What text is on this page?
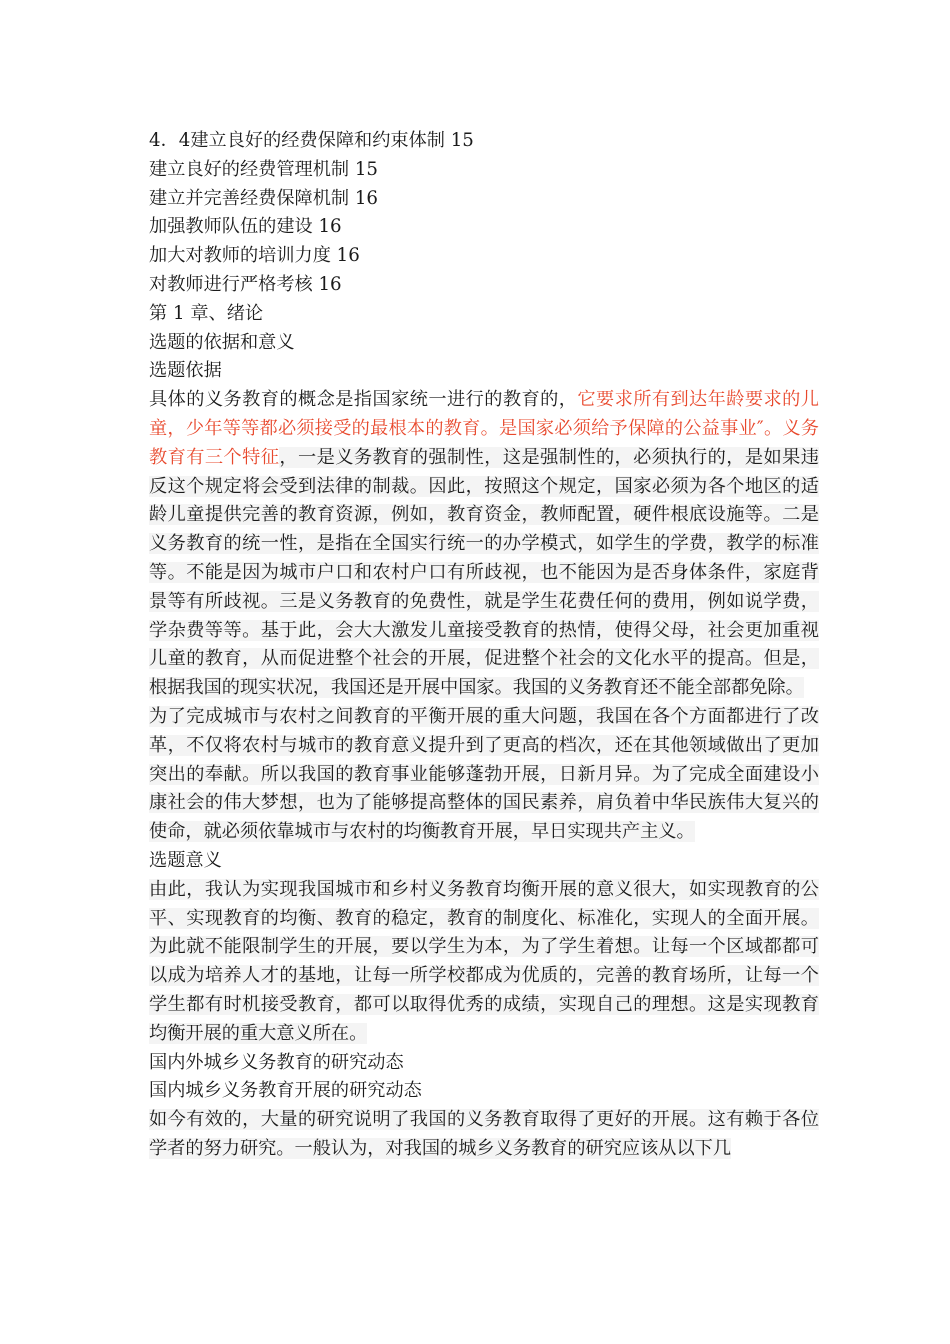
4．4建立良好的经费保障和约束体制 15
建立良好的经费管理机制 15
建立并完善经费保障机制 16
加强教师队伍的建设 16
加大对教师的培训力度 16
对教师进行严格考核 16
第 1 章、绪论
选题的依据和意义
选题依据

具体的义务教育的概念是指国家统一进行的教育的，它要求所有到达年龄要求的儿童，少年等等都必须接受的最根本的教育。是国家必须给予保障的公益事业″。义务教育有三个特征，一是义务教育的强制性，这是强制性的，必须执行的，是如果违反这个规定将会受到法律的制裁。因此，按照这个规定，国家必须为各个地区的适龄儿童提供完善的教育资源，例如，教育资金，教师配置，硬件根底设施等。二是义务教育的统一性，是指在全国实行统一的办学模式，如学生的学费，教学的标准等。不能是因为城市户口和农村户口有所歧视，也不能因为是否身体条件，家庭背景等有所歧视。三是义务教育的免费性，就是学生花费任何的费用，例如说学费，学杂费等等。基于此，会大大激发儿童接受教育的热情，使得父母，社会更加重视儿童的教育，从而促进整个社会的开展，促进整个社会的文化水平的提高。但是，根据我国的现实状况，我国还是开展中国家。我国的义务教育还不能全部都免除。

为了完成城市与农村之间教育的平衡开展的重大问题，我国在各个方面都进行了改革，不仅将农村与城市的教育意义提升到了更高的档次，还在其他领域做出了更加突出的奉献。所以我国的教育事业能够蓬勃开展，日新月异。为了完成全面建设小康社会的伟大梦想，也为了能够提高整体的国民素养，肩负着中华民族伟大复兴的使命，就必须依靠城市与农村的均衡教育开展，早日实现共产主义。

选题意义

由此，我认为实现我国城市和乡村义务教育均衡开展的意义很大，如实现教育的公平、实现教育的均衡、教育的稳定，教育的制度化、标准化，实现人的全面开展。为此就不能限制学生的开展，要以学生为本，为了学生着想。让每一个区域都都可以成为培养人才的基地，让每一所学校都成为优质的，完善的教育场所，让每一个学生都有时机接受教育，都可以取得优秀的成绩，实现自己的理想。这是实现教育均衡开展的重大意义所在。

国内外城乡义务教育的研究动态
国内城乡义务教育开展的研究动态

如今有效的，大量的研究说明了我国的义务教育取得了更好的开展。这有赖于各位学者的努力研究。一般认为，对我国的城乡义务教育的研究应该从以下几
